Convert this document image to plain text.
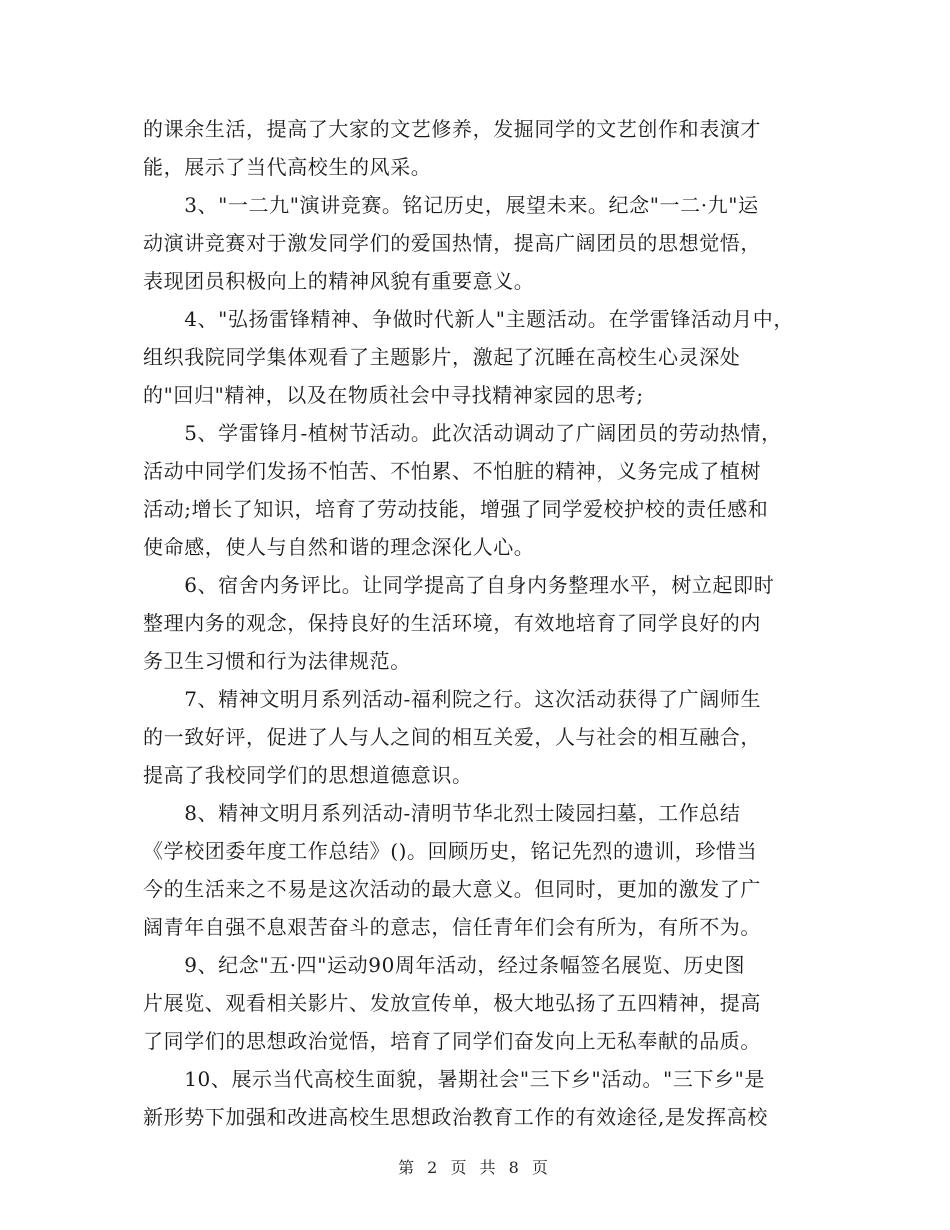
的课余生活，提高了大家的文艺修养，发掘同学的文艺创作和表演才
能，展示了当代高校生的风采。
　　3、"一二九"演讲竞赛。铭记历史，展望未来。纪念"一二·九"运
动演讲竞赛对于激发同学们的爱国热情，提高广阔团员的思想觉悟，
表现团员积极向上的精神风貌有重要意义。
　　4、"弘扬雷锋精神、争做时代新人"主题活动。在学雷锋活动月中，
组织我院同学集体观看了主题影片，激起了沉睡在高校生心灵深处
的"回归"精神，以及在物质社会中寻找精神家园的思考;
　　5、学雷锋月-植树节活动。此次活动调动了广阔团员的劳动热情，
活动中同学们发扬不怕苦、不怕累、不怕脏的精神，义务完成了植树
活动;增长了知识，培育了劳动技能，增强了同学爱校护校的责任感和
使命感，使人与自然和谐的理念深化人心。
　　6、宿舍内务评比。让同学提高了自身内务整理水平，树立起即时
整理内务的观念，保持良好的生活环境，有效地培育了同学良好的内
务卫生习惯和行为法律规范。
　　7、精神文明月系列活动-福利院之行。这次活动获得了广阔师生
的一致好评，促进了人与人之间的相互关爱，人与社会的相互融合，
提高了我校同学们的思想道德意识。
　　8、精神文明月系列活动-清明节华北烈士陵园扫墓，工作总结
《学校团委年度工作总结》()。回顾历史，铭记先烈的遗训，珍惜当
今的生活来之不易是这次活动的最大意义。但同时，更加的激发了广
阔青年自强不息艰苦奋斗的意志，信任青年们会有所为，有所不为。
　　9、纪念"五·四"运动90周年活动，经过条幅签名展览、历史图
片展览、观看相关影片、发放宣传单，极大地弘扬了五四精神，提高
了同学们的思想政治觉悟，培育了同学们奋发向上无私奉献的品质。
　　10、展示当代高校生面貌，暑期社会"三下乡"活动。"三下乡"是
新形势下加强和改进高校生思想政治教育工作的有效途径,是发挥高校
第 2 页 共 8 页
